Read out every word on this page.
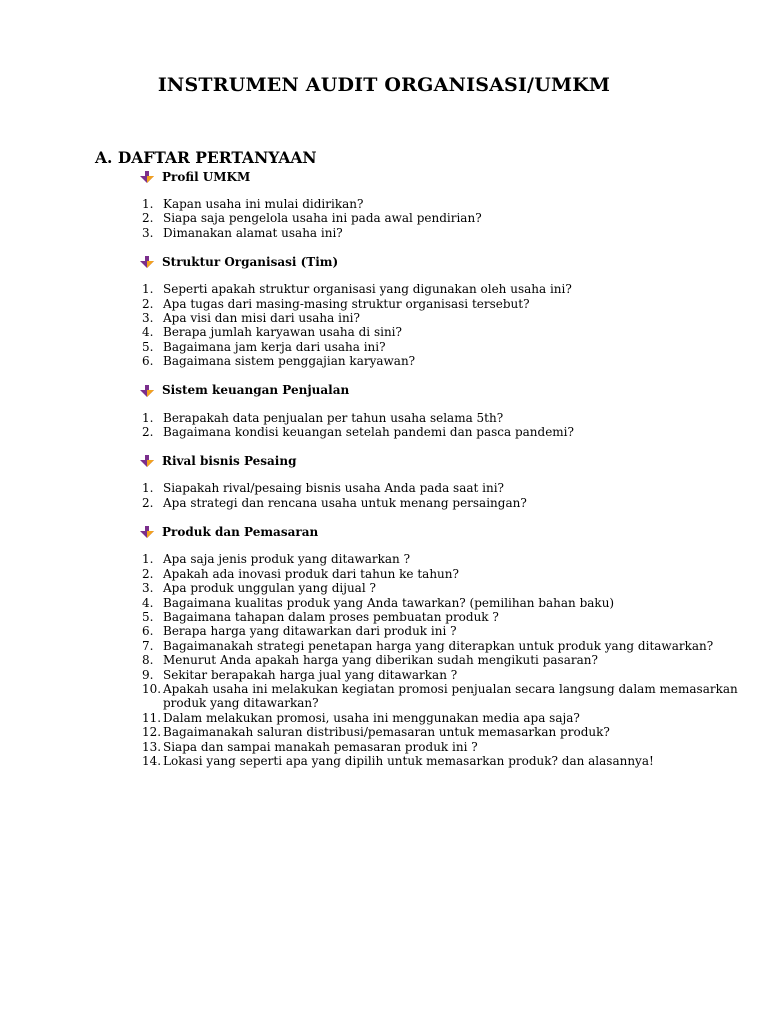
INSTRUMEN AUDIT ORGANISASI/UMKM
A. DAFTAR PERTANYAAN
Profil UMKM
1. Kapan usaha ini mulai didirikan?
2. Siapa saja pengelola usaha ini pada awal pendirian?
3. Dimanakan alamat usaha ini?
Struktur Organisasi (Tim)
1. Seperti apakah struktur organisasi yang digunakan oleh usaha ini?
2. Apa tugas dari masing-masing struktur organisasi tersebut?
3. Apa visi dan misi dari usaha ini?
4. Berapa jumlah karyawan usaha di sini?
5. Bagaimana jam kerja dari usaha ini?
6. Bagaimana sistem penggajian karyawan?
Sistem keuangan Penjualan
1. Berapakah data penjualan per tahun usaha selama 5th?
2. Bagaimana kondisi keuangan setelah pandemi dan pasca pandemi?
Rival bisnis Pesaing
1. Siapakah rival/pesaing bisnis usaha Anda pada saat ini?
2. Apa strategi dan rencana usaha untuk menang persaingan?
Produk dan Pemasaran
1. Apa saja jenis produk yang ditawarkan ?
2. Apakah ada inovasi produk dari tahun ke tahun?
3. Apa produk unggulan yang dijual ?
4. Bagaimana kualitas produk yang Anda tawarkan? (pemilihan bahan baku)
5. Bagaimana tahapan dalam proses pembuatan produk ?
6. Berapa harga yang ditawarkan dari produk ini ?
7. Bagaimanakah strategi penetapan harga yang diterapkan untuk produk yang ditawarkan?
8. Menurut Anda apakah harga yang diberikan sudah mengikuti pasaran?
9. Sekitar berapakah harga jual yang ditawarkan ?
10. Apakah usaha ini melakukan kegiatan promosi penjualan secara langsung dalam memasarkan produk yang ditawarkan?
11. Dalam melakukan promosi, usaha ini menggunakan media apa saja?
12. Bagaimanakah saluran distribusi/pemasaran untuk memasarkan produk?
13. Siapa dan sampai manakah pemasaran produk ini ?
14. Lokasi yang seperti apa yang dipilih untuk memasarkan produk? dan alasannya!
